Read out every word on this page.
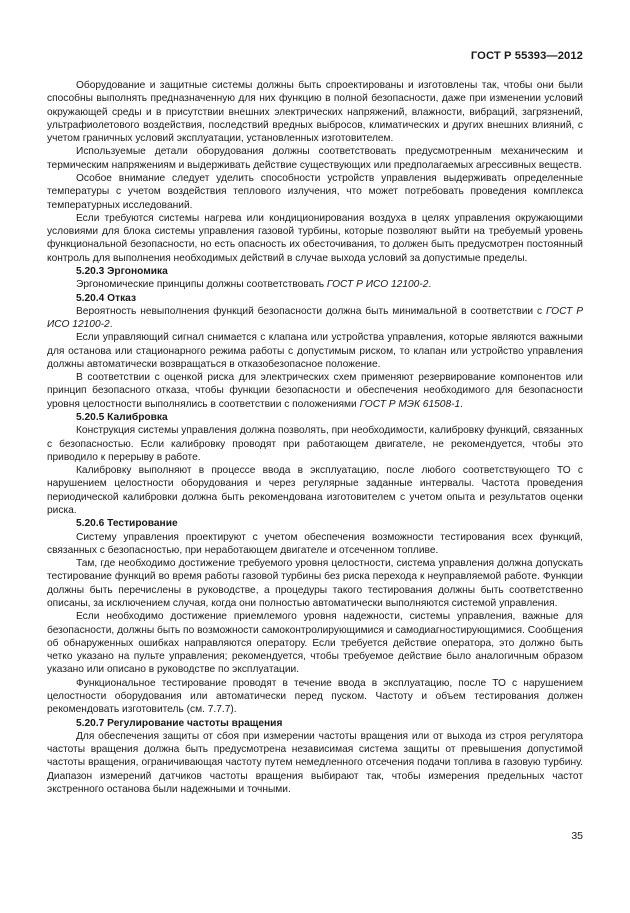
ГОСТ Р 55393—2012

Оборудование и защитные системы должны быть спроектированы и изготовлены так, чтобы они были способны выполнять предназначенную для них функцию в полной безопасности, даже при изменении условий окружающей среды и в присутствии внешних электрических напряжений, влажности, вибраций, загрязнений, ультрафиолетового воздействия, последствий вредных выбросов, климатических и других внешних влияний, с учетом граничных условий эксплуатации, установленных изготовителем.

Используемые детали оборудования должны соответствовать предусмотренным механическим и термическим напряжениям и выдерживать действие существующих или предполагаемых агрессивных веществ.

Особое внимание следует уделить способности устройств управления выдерживать определенные температуры с учетом воздействия теплового излучения, что может потребовать проведения комплекса температурных исследований.

Если требуются системы нагрева или кондиционирования воздуха в целях управления окружающими условиями для блока системы управления газовой турбины, которые позволяют выйти на требуемый уровень функциональной безопасности, но есть опасность их обесточивания, то должен быть предусмотрен постоянный контроль для выполнения необходимых действий в случае выхода условий за допустимые пределы.

5.20.3 Эргономика

Эргономические принципы должны соответствовать ГОСТ Р ИСО 12100-2.

5.20.4 Отказ

Вероятность невыполнения функций безопасности должна быть минимальной в соответствии с ГОСТ Р ИСО 12100-2.

Если управляющий сигнал снимается с клапана или устройства управления, которые являются важными для останова или стационарного режима работы с допустимым риском, то клапан или устройство управления должны автоматически возвращаться в отказобезопасное положение.

В соответствии с оценкой риска для электрических схем применяют резервирование компонентов или принцип безопасного отказа, чтобы функции безопасности и обеспечения необходимого для безопасности уровня целостности выполнялись в соответствии с положениями ГОСТ Р МЭК 61508-1.

5.20.5 Калибровка

Конструкция системы управления должна позволять, при необходимости, калибровку функций, связанных с безопасностью. Если калибровку проводят при работающем двигателе, не рекомендуется, чтобы это приводило к перерыву в работе.

Калибровку выполняют в процессе ввода в эксплуатацию, после любого соответствующего ТО с нарушением целостности оборудования и через регулярные заданные интервалы. Частота проведения периодической калибровки должна быть рекомендована изготовителем с учетом опыта и результатов оценки риска.

5.20.6 Тестирование

Систему управления проектируют с учетом обеспечения возможности тестирования всех функций, связанных с безопасностью, при неработающем двигателе и отсеченном топливе.

Там, где необходимо достижение требуемого уровня целостности, система управления должна допускать тестирование функций во время работы газовой турбины без риска перехода к неуправляемой работе. Функции должны быть перечислены в руководстве, а процедуры такого тестирования должны быть соответственно описаны, за исключением случая, когда они полностью автоматически выполняются системой управления.

Если необходимо достижение приемлемого уровня надежности, системы управления, важные для безопасности, должны быть по возможности самоконтролирующимися и самодиагностирующимися. Сообщения об обнаруженных ошибках направляются оператору. Если требуется действие оператора, это должно быть четко указано на пульте управления; рекомендуется, чтобы требуемое действие было аналогичным образом указано или описано в руководстве по эксплуатации.

Функциональное тестирование проводят в течение ввода в эксплуатацию, после ТО с нарушением целостности оборудования или автоматически перед пуском. Частоту и объем тестирования должен рекомендовать изготовитель (см. 7.7.7).

5.20.7 Регулирование частоты вращения

Для обеспечения защиты от сбоя при измерении частоты вращения или от выхода из строя регулятора частоты вращения должна быть предусмотрена независимая система защиты от превышения допустимой частоты вращения, ограничивающая частоту путем немедленного отсечения подачи топлива в газовую турбину. Диапазон измерений датчиков частоты вращения выбирают так, чтобы измерения предельных частот экстренного останова были надежными и точными.

35
